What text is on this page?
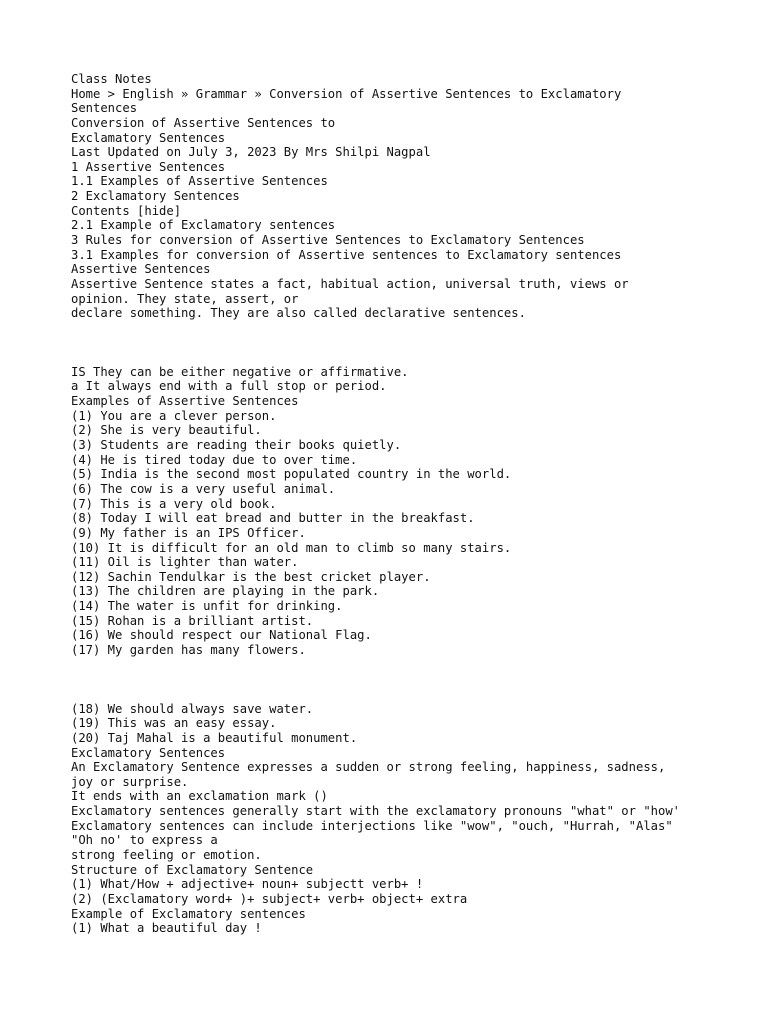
Class Notes
Home > English » Grammar » Conversion of Assertive Sentences to Exclamatory
Sentences
Conversion of Assertive Sentences to
Exclamatory Sentences
Last Updated on July 3, 2023 By Mrs Shilpi Nagpal
1 Assertive Sentences
1.1 Examples of Assertive Sentences
2 Exclamatory Sentences
Contents [hide]
2.1 Example of Exclamatory sentences
3 Rules for conversion of Assertive Sentences to Exclamatory Sentences
3.1 Examples for conversion of Assertive sentences to Exclamatory sentences
Assertive Sentences
Assertive Sentence states a fact, habitual action, universal truth, views or
opinion. They state, assert, or
declare something. They are also called declarative sentences.
IS They can be either negative or affirmative.
a It always end with a full stop or period.
Examples of Assertive Sentences
(1) You are a clever person.
(2) She is very beautiful.
(3) Students are reading their books quietly.
(4) He is tired today due to over time.
(5) India is the second most populated country in the world.
(6) The cow is a very useful animal.
(7) This is a very old book.
(8) Today I will eat bread and butter in the breakfast.
(9) My father is an IPS Officer.
(10) It is difficult for an old man to climb so many stairs.
(11) Oil is lighter than water.
(12) Sachin Tendulkar is the best cricket player.
(13) The children are playing in the park.
(14) The water is unfit for drinking.
(15) Rohan is a brilliant artist.
(16) We should respect our National Flag.
(17) My garden has many flowers.
(18) We should always save water.
(19) This was an easy essay.
(20) Taj Mahal is a beautiful monument.
Exclamatory Sentences
An Exclamatory Sentence expresses a sudden or strong feeling, happiness, sadness,
joy or surprise.
It ends with an exclamation mark ()
Exclamatory sentences generally start with the exclamatory pronouns "what" or "how'
Exclamatory sentences can include interjections like "wow", "ouch, "Hurrah, "Alas"
"Oh no' to express a
strong feeling or emotion.
Structure of Exclamatory Sentence
(1) What/How + adjective+ noun+ subjectt verb+ !
(2) (Exclamatory word+ )+ subject+ verb+ object+ extra
Example of Exclamatory sentences
(1) What a beautiful day !
